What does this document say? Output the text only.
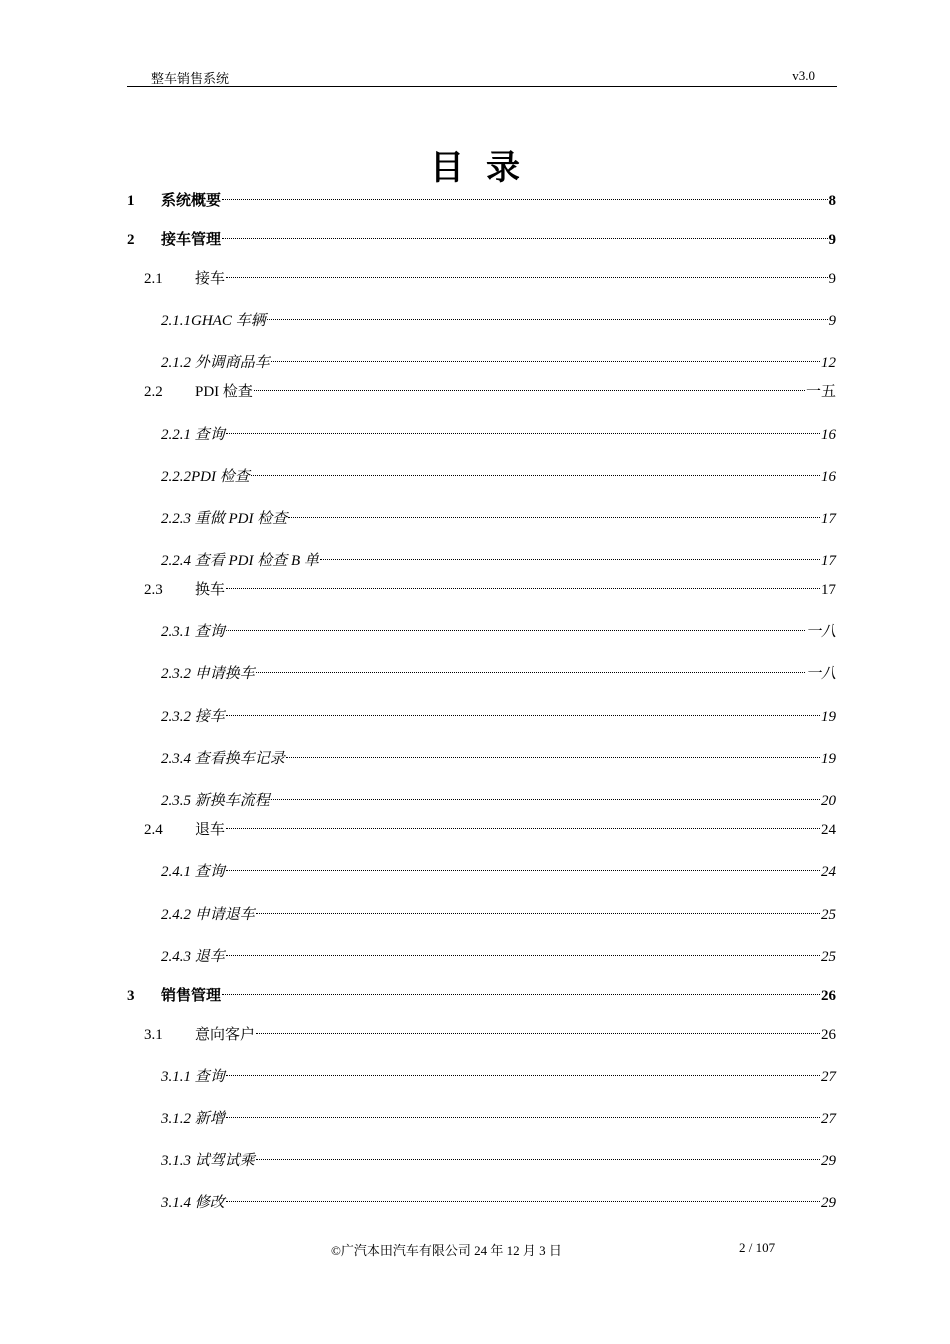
整车销售系统	v3.0
目录
1	系统概要	8
2	接车管理	9
2.1	接车	9
2.1.1GHAC 车辆	9
2.1.2 外调商品车	12
2.2	PDI 检查	一五
2.2.1 查询	16
2.2.2PDI 检查	16
2.2.3 重做 PDI 检查	17
2.2.4 查看 PDI 检查 B 单	17
2.3	换车	17
2.3.1 查询	一八
2.3.2 申请换车	一八
2.3.2 接车	19
2.3.4 查看换车记录	19
2.3.5 新换车流程	20
2.4	退车	24
2.4.1 查询	24
2.4.2 申请退车	25
2.4.3 退车	25
3	销售管理	26
3.1	意向客户	26
3.1.1 查询	27
3.1.2 新增	27
3.1.3 试驾试乘	29
3.1.4 修改	29
©广汽本田汽车有限公司 24 年 12 月 3 日	2 / 107
